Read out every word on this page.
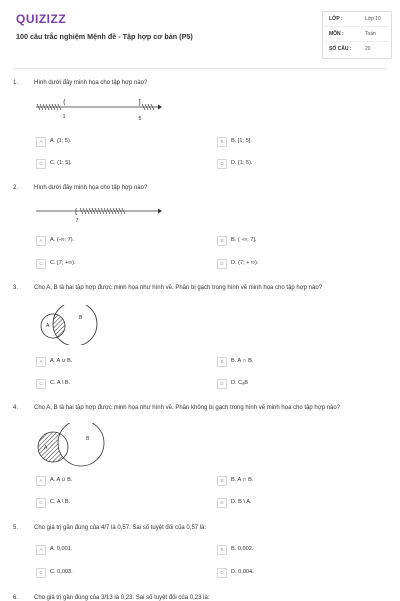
QUIZIZZ
100 câu trắc nghiệm Mệnh đề - Tập hợp cơ bản (P5)
LỚP :	Lớp 10
MÔN :	Toán
SỐ CÂU :	20
1.	Hình dưới đây minh họa cho tập hợp nào?
(	]
1	5
A	A. (1; 5).	B	B. [1; 5].
C	C. (1; 5].	D	D. [1; 5).
2.	Hình dưới đây minh họa cho tập hợp nào?
[
7
A	A. (-∞; 7).	B	B. ( -∞; 7].
C	C. [7; +∞).	D	D. (7; + ∞).
3.	Cho A, B là hai tập hợp được minh họa như hình vẽ. Phần bị gạch trong hình vẽ minh họa cho tập hợp nào?
A
B
A	A. A ∪ B.	B	B. A ∩ B.
C	C. A \ B.	D	D. CₐB
4.	Cho A, B là hai tập hợp được minh họa như hình vẽ. Phần không bị gạch trong hình vẽ minh họa cho tập hợp nào?
A
B
A	A. A ∪ B.	B	B. A ∩ B.
C	C. A \ B.	D	D. B \ A.
5.	Cho giá trị gần đúng của 4/7 là 0,57. Sai số tuyệt đối của 0,57 là:
A	A. 0,001.	B	B. 0,002.
C	C. 0,003.	D	D. 0,004.
6.	Cho giá trị gần đúng của 3/13 là 0,23. Sai số tuyệt đối của 0,23 là:
